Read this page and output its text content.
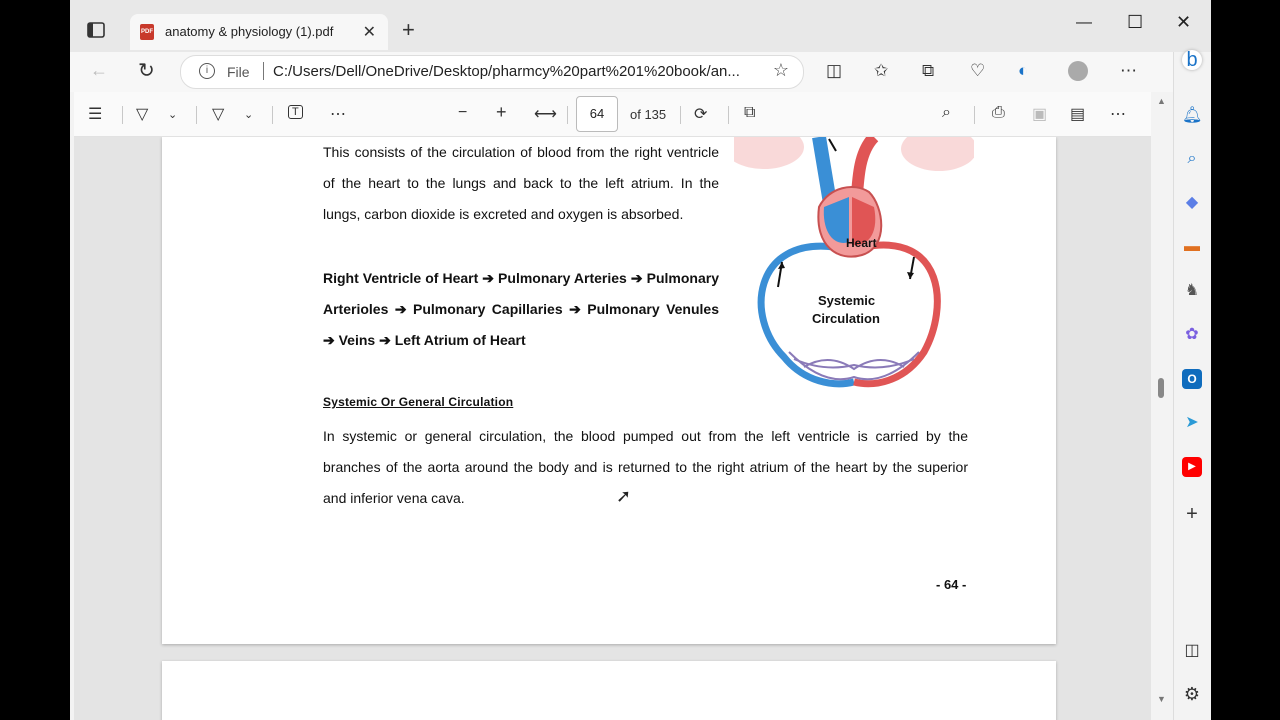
PDF anatomy & physiology (1).pdf ✕ +	— ☐ ✕
← ↻	i	File C:/Users/Dell/OneDrive/Desktop/pharmcy%20part%201%20book/an... ☆ ◫ ✩ ⧉ ♡ ◐	⋯
☰ ▽ ⌄ ▽ ⌄	T ⋯	− + ⟷	64	of 135 ⟳ ⧉	⌕	⎙ ▣ ▤ ⋯
This consists of the circulation of blood from the right ventricle of the heart to the lungs and back to the left atrium. In the lungs, carbon dioxide is excreted and oxygen is absorbed.
Right Ventricle of Heart ➔ Pulmonary Arteries ➔ Pulmonary Arterioles ➔ Pulmonary Capillaries ➔ Pulmonary Venules ➔ Veins ➔ Left Atrium of Heart
Systemic Or General Circulation
In systemic or general circulation, the blood pumped out from the left ventricle is carried by the branches of the aorta around the body and is returned to the right atrium of the heart by the superior and inferior vena cava.
- 64 -
Heart
Systemic
Circulation
▲
▼
b
🔔︎
⌕
◆
▬
♞
✿
O
➤
▶
+
◫
⚙
➚
